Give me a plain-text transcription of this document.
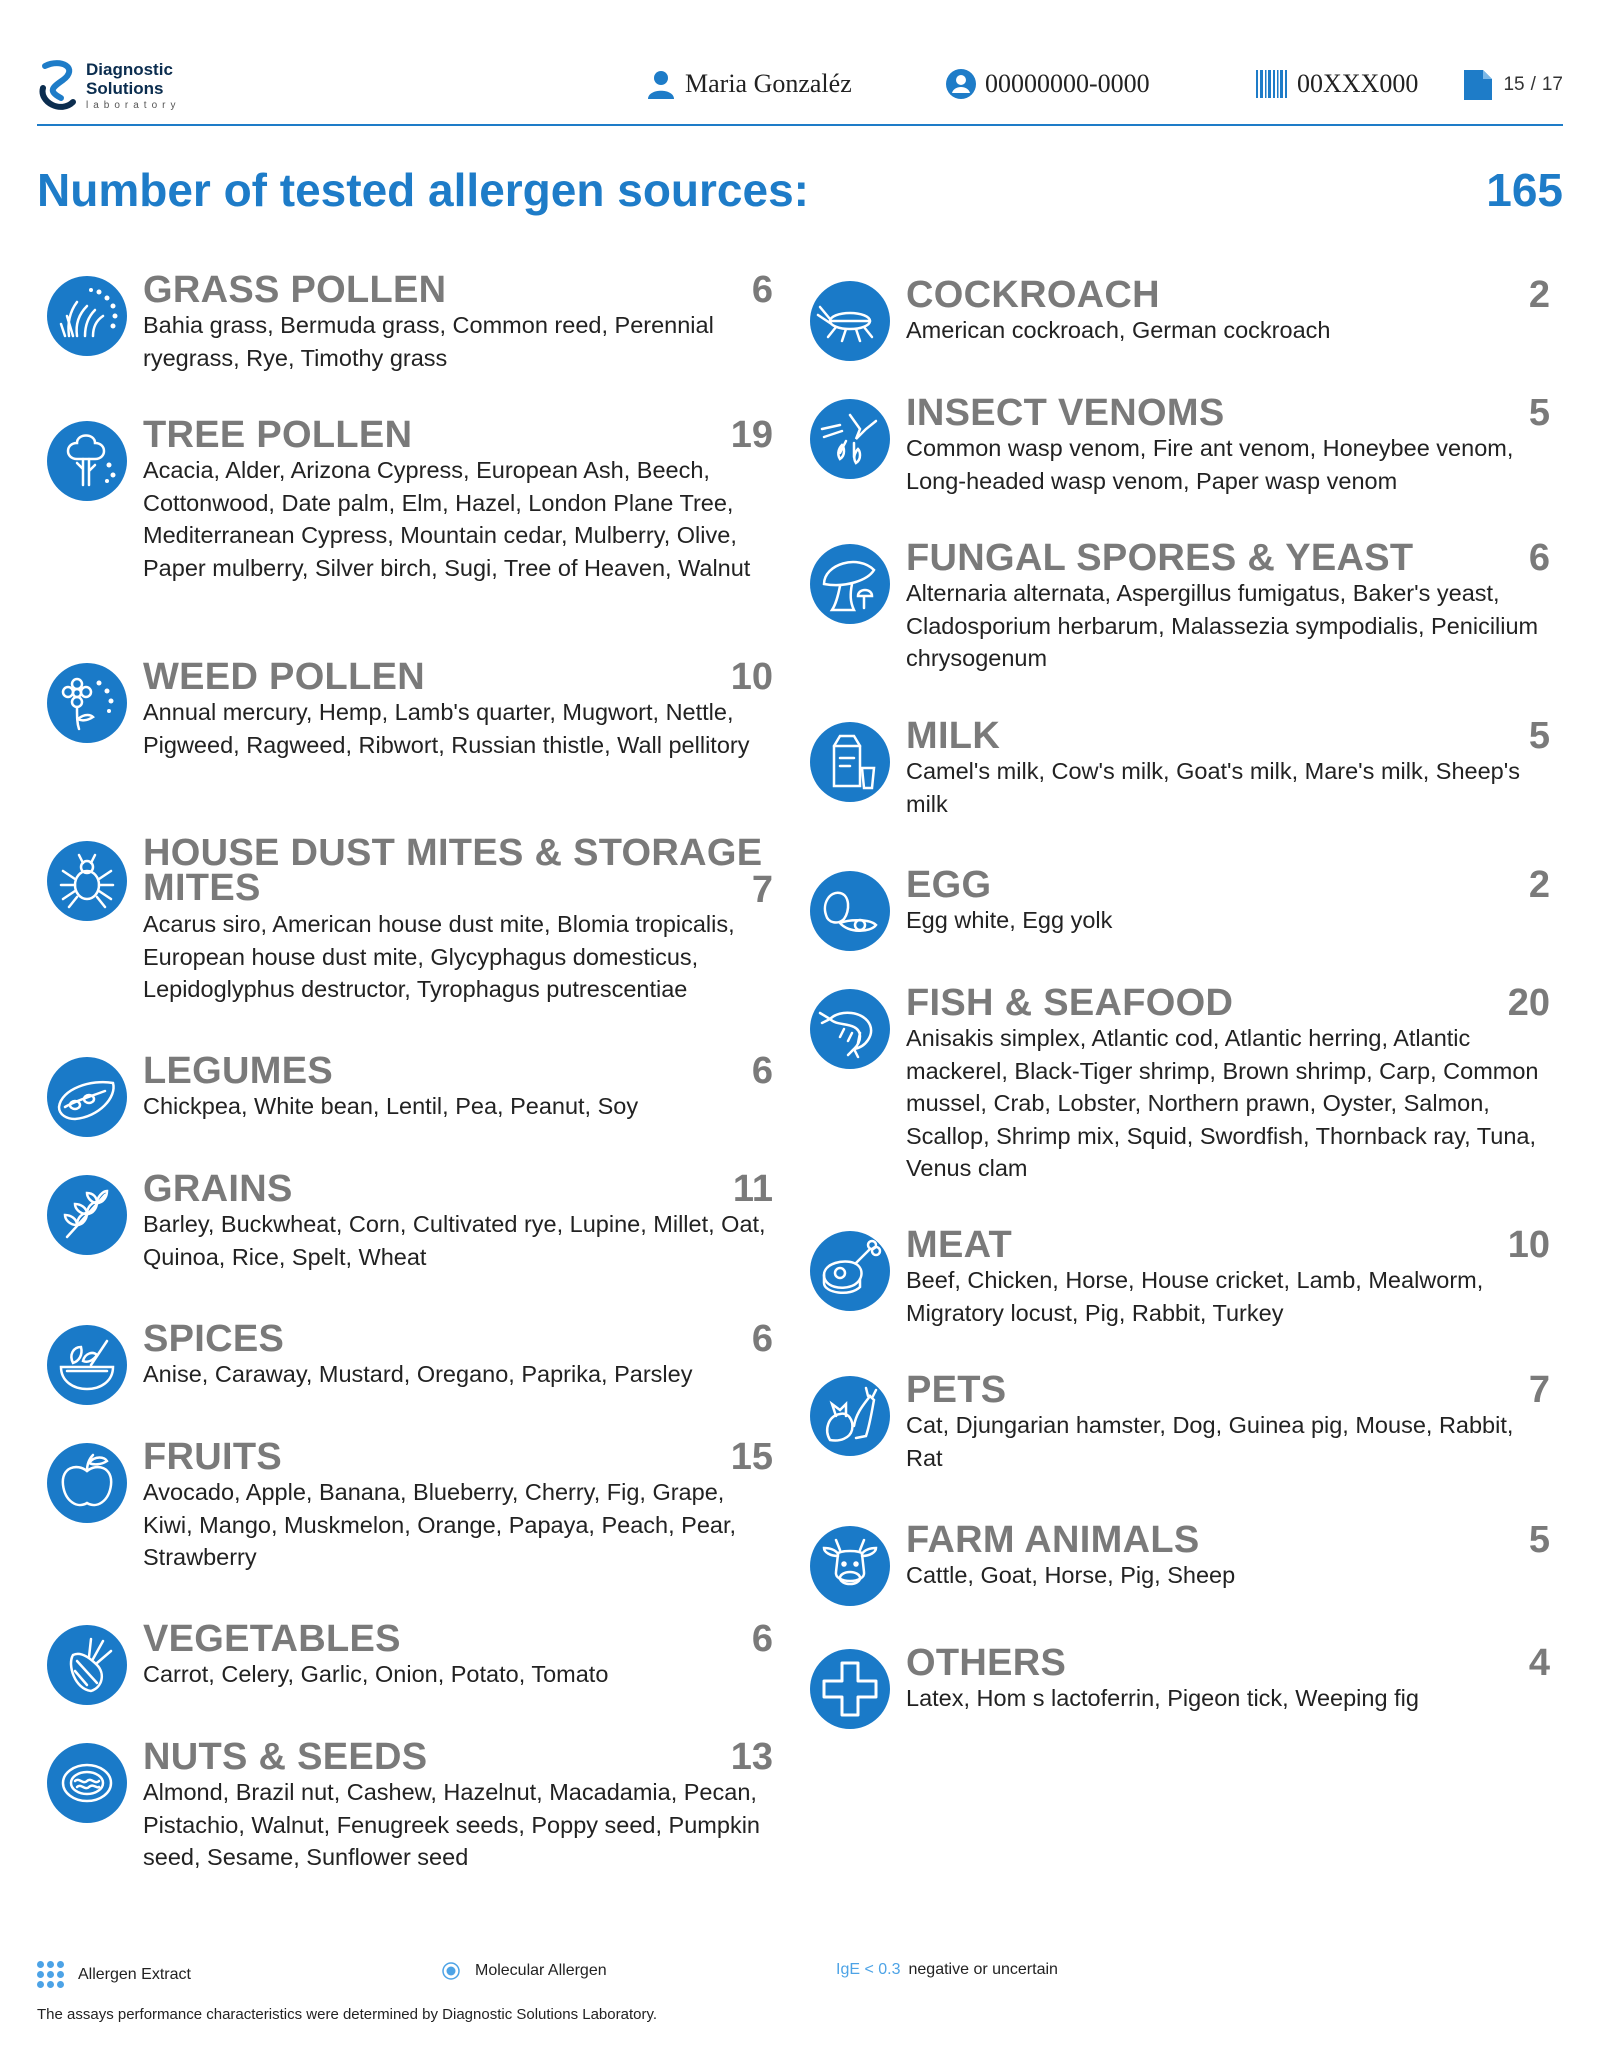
Diagnostic
Solutions
laboratory
Maria Gonzaléz	00000000-0000	00XXX000	15 / 17
Number of tested allergen sources:	165
GRASS POLLEN	6
Bahia grass, Bermuda grass, Common reed, Perennial ryegrass, Rye, Timothy grass
TREE POLLEN	19
Acacia, Alder, Arizona Cypress, European Ash, Beech, Cottonwood, Date palm, Elm, Hazel, London Plane Tree, Mediterranean Cypress, Mountain cedar, Mulberry, Olive, Paper mulberry, Silver birch, Sugi, Tree of Heaven, Walnut
WEED POLLEN	10
Annual mercury, Hemp, Lamb's quarter, Mugwort, Nettle, Pigweed, Ragweed, Ribwort, Russian thistle, Wall pellitory
HOUSE DUST MITES & STORAGE MITES	7
Acarus siro, American house dust mite, Blomia tropicalis, European house dust mite, Glycyphagus domesticus, Lepidoglyphus destructor, Tyrophagus putrescentiae
LEGUMES	6
Chickpea, White bean, Lentil, Pea, Peanut, Soy
GRAINS	11
Barley, Buckwheat, Corn, Cultivated rye, Lupine, Millet, Oat, Quinoa, Rice, Spelt, Wheat
SPICES	6
Anise, Caraway, Mustard, Oregano, Paprika, Parsley
FRUITS	15
Avocado, Apple, Banana, Blueberry, Cherry, Fig, Grape, Kiwi, Mango, Muskmelon, Orange, Papaya, Peach, Pear, Strawberry
VEGETABLES	6
Carrot, Celery, Garlic, Onion, Potato, Tomato
NUTS & SEEDS	13
Almond, Brazil nut, Cashew, Hazelnut, Macadamia, Pecan, Pistachio, Walnut, Fenugreek seeds, Poppy seed, Pumpkin seed, Sesame, Sunflower seed
COCKROACH	2
American cockroach, German cockroach
INSECT VENOMS	5
Common wasp venom, Fire ant venom, Honeybee venom, Long-headed wasp venom, Paper wasp venom
FUNGAL SPORES & YEAST	6
Alternaria alternata, Aspergillus fumigatus, Baker's yeast, Cladosporium herbarum, Malassezia sympodialis, Penicilium chrysogenum
MILK	5
Camel's milk, Cow's milk, Goat's milk, Mare's milk, Sheep's milk
EGG	2
Egg white, Egg yolk
FISH & SEAFOOD	20
Anisakis simplex, Atlantic cod, Atlantic herring, Atlantic mackerel, Black-Tiger shrimp, Brown shrimp, Carp, Common mussel, Crab, Lobster, Northern prawn, Oyster, Salmon, Scallop, Shrimp mix, Squid, Swordfish, Thornback ray, Tuna, Venus clam
MEAT	10
Beef, Chicken, Horse, House cricket, Lamb, Mealworm, Migratory locust, Pig, Rabbit, Turkey
PETS	7
Cat, Djungarian hamster, Dog, Guinea pig, Mouse, Rabbit, Rat
FARM ANIMALS	5
Cattle, Goat, Horse, Pig, Sheep
OTHERS	4
Latex, Hom s lactoferrin, Pigeon tick, Weeping fig
Allergen Extract	Molecular Allergen	IgE < 0.3 negative or uncertain
The assays performance characteristics were determined by Diagnostic Solutions Laboratory.
